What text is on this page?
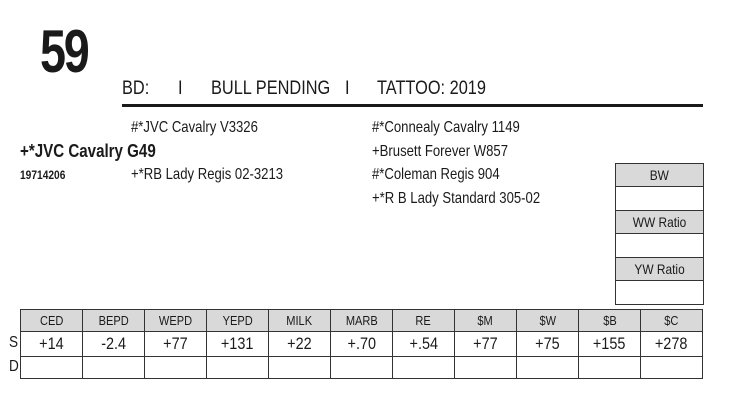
59
BD: I BULL PENDING I TATTOO: 2019
+*JVC Cavalry G49
19714206
#*JVC Cavalry V3326
+*RB Lady Regis 02-3213
#*Connealy Cavalry 1149
+Brusett Forever W857
#*Coleman Regis 904
+*R B Lady Standard 305-02
BW
WW Ratio
YW Ratio
S
D
CED	BEPD	WEPD	YEPD	MILK	MARB	RE	$M	$W	$B	$C
+14	-2.4	+77	+131	+22	+.70	+.54	+77	+75	+155	+278
